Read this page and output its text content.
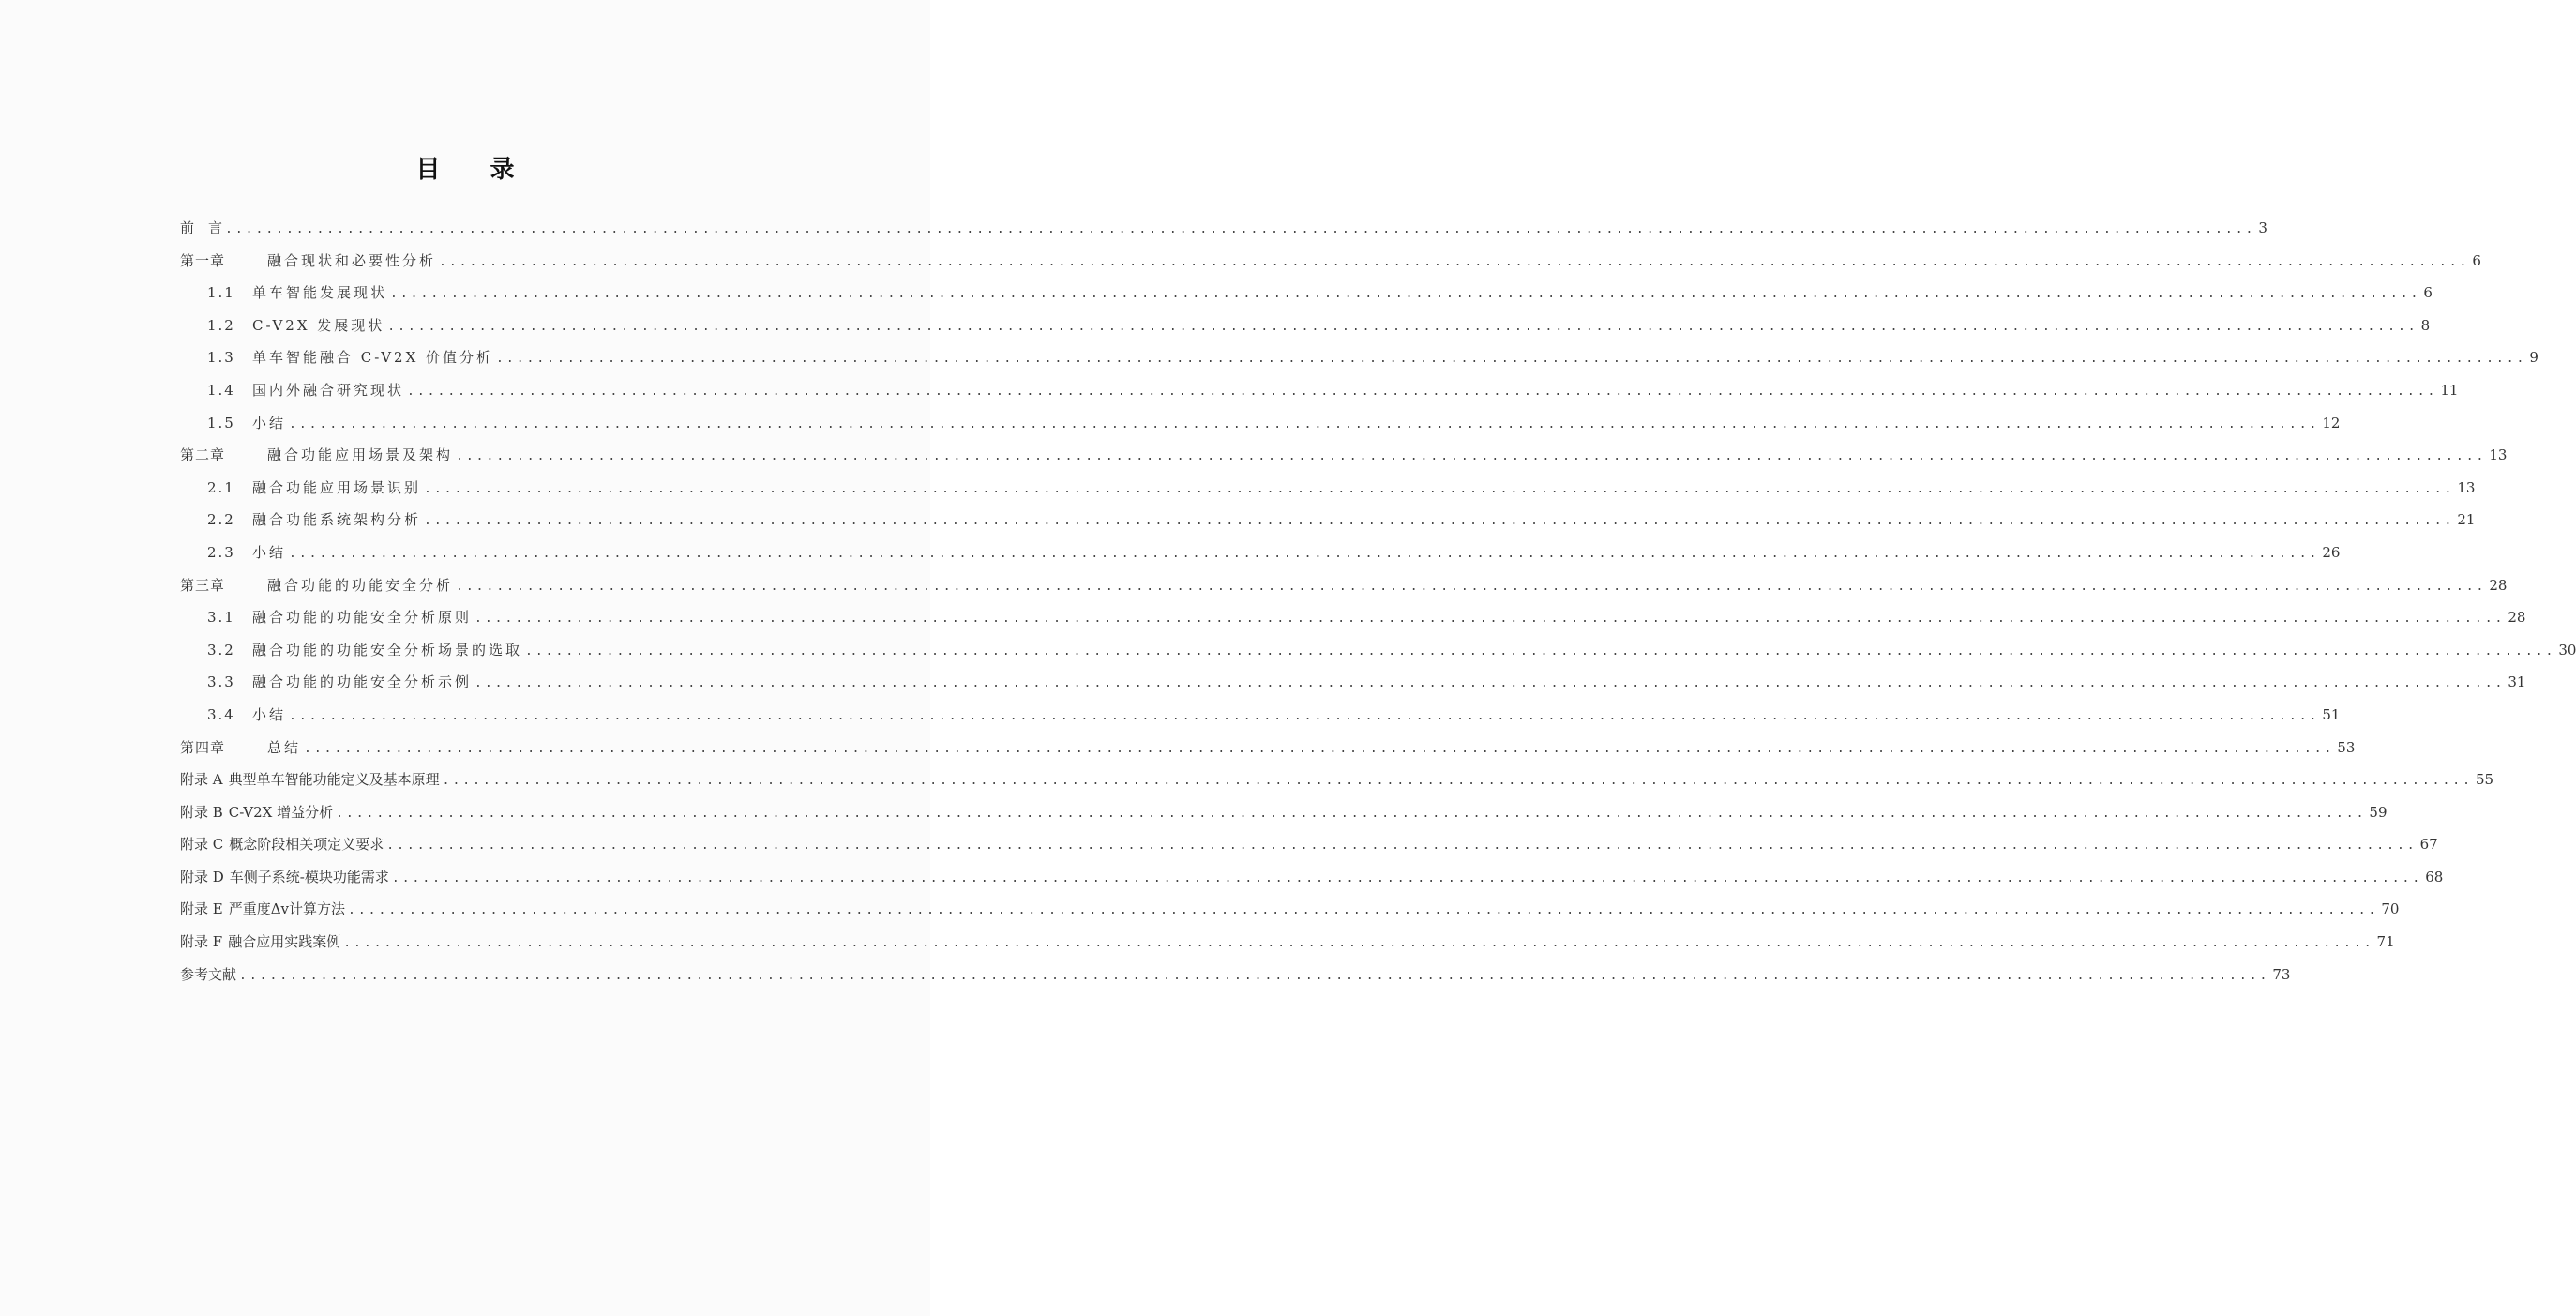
目 录
前　言 ........................................................................................................................................................................................................ 3
第一章	融合现状和必要性分析 ........................................................................................................................................................................................................ 6
1.1	单车智能发展现状 ........................................................................................................................................................................................................ 6
1.2	C-V2X 发展现状 ........................................................................................................................................................................................................ 8
1.3	单车智能融合 C-V2X 价值分析 ........................................................................................................................................................................................................ 9
1.4	国内外融合研究现状 ........................................................................................................................................................................................................ 11
1.5	小结 ........................................................................................................................................................................................................ 12
第二章	融合功能应用场景及架构 ........................................................................................................................................................................................................ 13
2.1	融合功能应用场景识别 ........................................................................................................................................................................................................ 13
2.2	融合功能系统架构分析 ........................................................................................................................................................................................................ 21
2.3	小结 ........................................................................................................................................................................................................ 26
第三章	融合功能的功能安全分析 ........................................................................................................................................................................................................ 28
3.1	融合功能的功能安全分析原则 ........................................................................................................................................................................................................ 28
3.2	融合功能的功能安全分析场景的选取 ........................................................................................................................................................................................................ 30
3.3	融合功能的功能安全分析示例 ........................................................................................................................................................................................................ 31
3.4	小结 ........................................................................................................................................................................................................ 51
第四章	总结 ........................................................................................................................................................................................................ 53
附录 A 典型单车智能功能定义及基本原理 ........................................................................................................................................................................................................ 55
附录 B C-V2X 增益分析 ........................................................................................................................................................................................................ 59
附录 C 概念阶段相关项定义要求 ........................................................................................................................................................................................................ 67
附录 D 车侧子系统-模块功能需求 ........................................................................................................................................................................................................ 68
附录 E 严重度Δv计算方法 ........................................................................................................................................................................................................ 70
附录 F 融合应用实践案例 ........................................................................................................................................................................................................ 71
参考文献 ........................................................................................................................................................................................................ 73
